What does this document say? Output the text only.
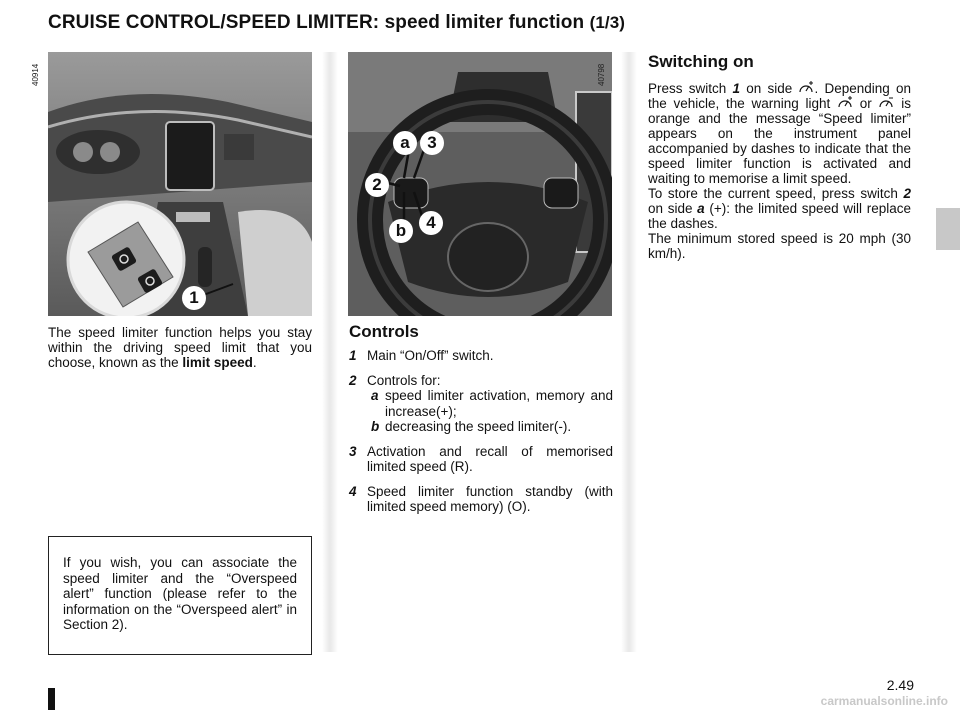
CRUISE CONTROL/SPEED LIMITER: speed limiter function (1/3)
1
40914
a	3
2
4
b
40798
The speed limiter function helps you stay within the driving speed limit that you choose, known as the limit speed.
If you wish, you can associate the speed limiter and the “Overspeed alert” function (please refer to the information on the “Overspeed alert” in Section 2).
Controls
1 Main “On/Off” switch.
2 Controls for:
a speed limiter activation, memory and increase(+);
b decreasing the speed limiter(-).
3 Activation and recall of memorised limited speed (R).
4 Speed limiter function standby (with limited speed memory) (O).
Switching on
Press switch 1 on side . Depending on the vehicle, the warning light or is orange and the message “Speed limiter” appears on the instrument panel accompanied by dashes to indicate that the speed limiter function is activated and waiting to memorise a limit speed.
To store the current speed, press switch 2 on side a (+): the limited speed will replace the dashes.
The minimum stored speed is 20 mph (30 km/h).
2.49
carmanualsonline.info
